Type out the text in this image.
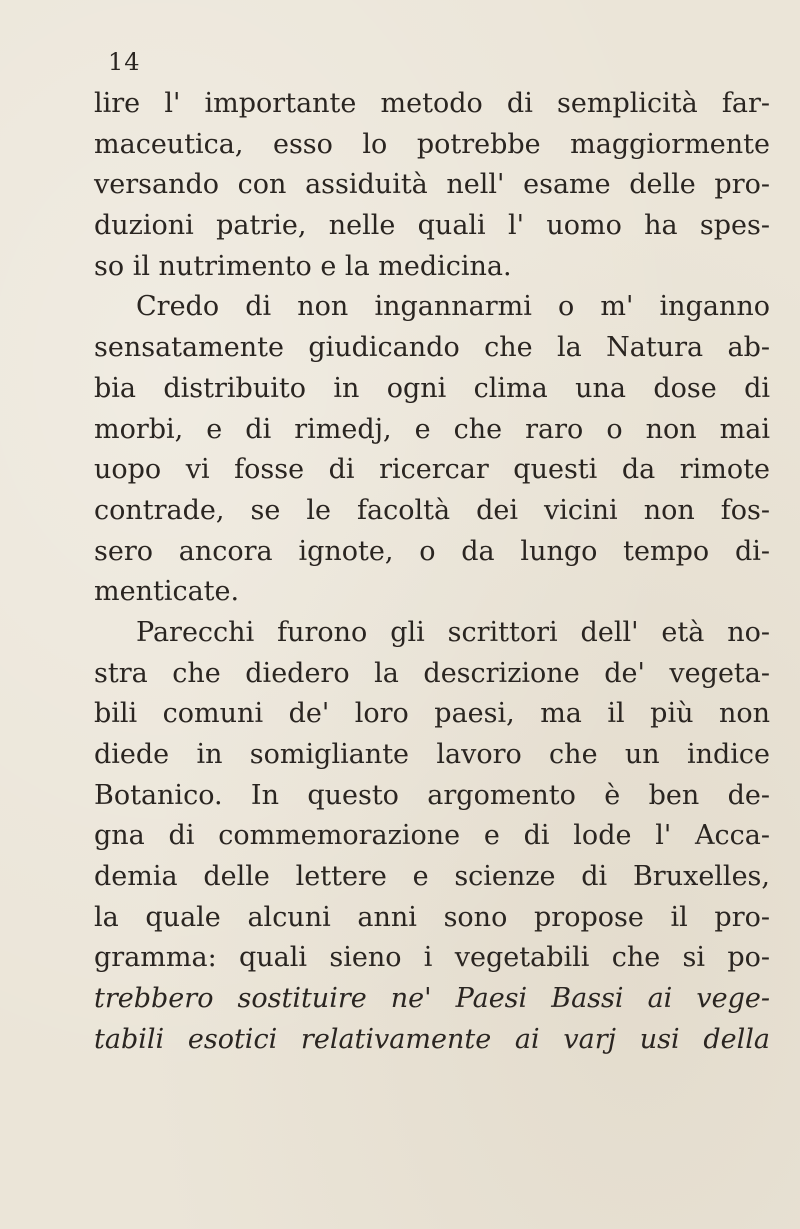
14
lire l' importante metodo di semplicità far-
maceutica, esso lo potrebbe maggiormente
versando con assiduità nell' esame delle pro-
duzioni patrie, nelle quali l' uomo ha spes-
so il nutrimento e la medicina.
Credo di non ingannarmi o m' inganno
sensatamente giudicando che la Natura ab-
bia distribuito in ogni clima una dose di
morbi, e di rimedj, e che raro o non mai
uopo vi fosse di ricercar questi da rimote
contrade, se le facoltà dei vicini non fos-
sero ancora ignote, o da lungo tempo di-
menticate.
Parecchi furono gli scrittori dell' età no-
stra che diedero la descrizione de' vegeta-
bili comuni de' loro paesi, ma il più non
diede in somigliante lavoro che un indice
Botanico. In questo argomento è ben de-
gna di commemorazione e di lode l' Acca-
demia delle lettere e scienze di Bruxelles,
la quale alcuni anni sono propose il pro-
gramma: quali sieno i vegetabili che si po-
trebbero sostituire ne' Paesi Bassi ai vege-
tabili esotici relativamente ai varj usi della
